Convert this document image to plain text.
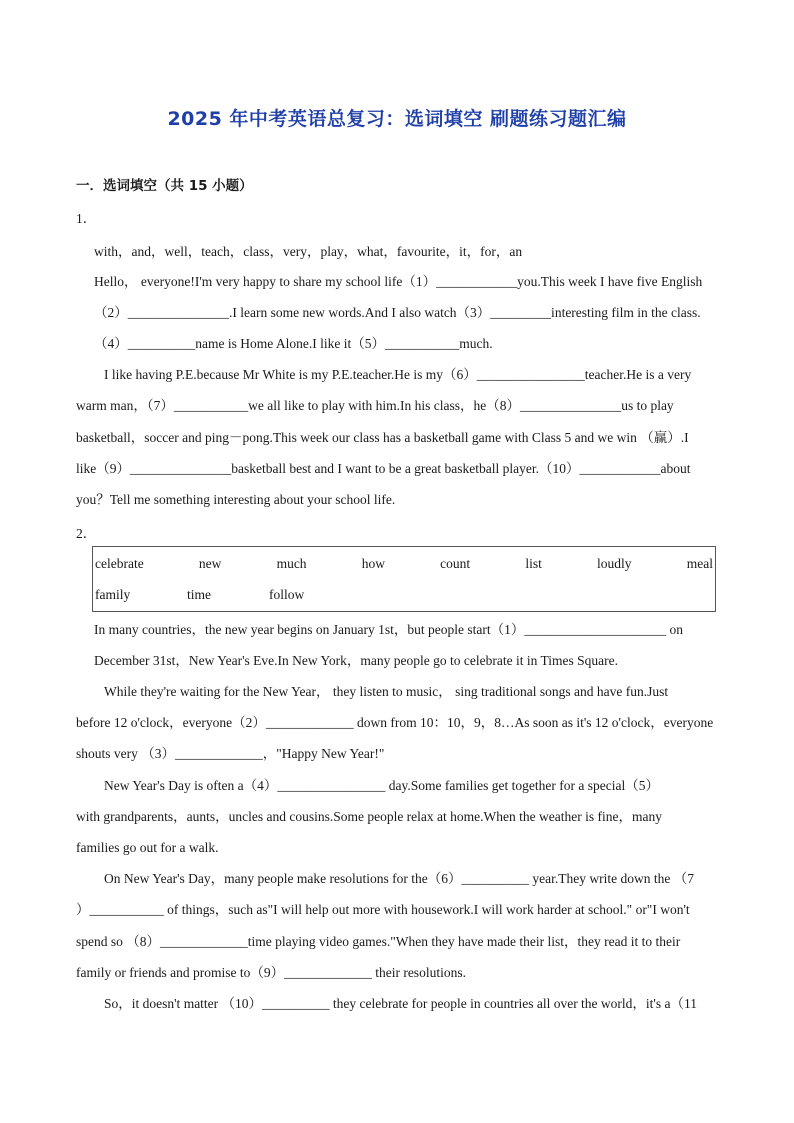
2025 年中考英语总复习：选词填空 刷题练习题汇编
一．选词填空（共 15 小题）
1．
with，and，well，teach，class，very，play，what，favourite，it，for，an
Hello， everyone!I'm very happy to share my school life（1）____________you.This week I have five English
（2）_______________.I learn some new words.And I also watch（3）_________interesting film in the class.
（4）__________name is Home Alone.I like it（5）___________much.
I like having P.E.because Mr White is my P.E.teacher.He is my（6）________________teacher.He is a very
warm man，（7）___________we all like to play with him.In his class，he（8）_______________us to play
basketball，soccer and ping－pong.This week our class has a basketball game with Class 5 and we win （赢）.I
like（9）_______________basketball best and I want to be a great basketball player.（10）____________about
you？Tell me something interesting about your school life.
2．
celebrate	new	much	how	count	list	loudly	meal
family	time	follow
In many countries，the new year begins on January 1st，but people start（1）_____________________ on
December 31st，New Year's Eve.In New York，many people go to celebrate it in Times Square.
While they're waiting for the New Year， they listen to music， sing traditional songs and have fun.Just
before 12 o'clock，everyone（2）_____________ down from 10：10，9，8…As soon as it's 12 o'clock，everyone
shouts very （3）_____________，"Happy New Year!"
New Year's Day is often a（4）________________ day.Some families get together for a special（5）
with grandparents，aunts，uncles and cousins.Some people relax at home.When the weather is fine，many
families go out for a walk.
On New Year's Day，many people make resolutions for the（6）__________ year.They write down the （7
）___________ of things，such as"I will help out more with housework.I will work harder at school." or"I won't
spend so （8）_____________time playing video games."When they have made their list，they read it to their
family or friends and promise to（9）_____________ their resolutions.
So，it doesn't matter （10）__________ they celebrate for people in countries all over the world，it's a（11
